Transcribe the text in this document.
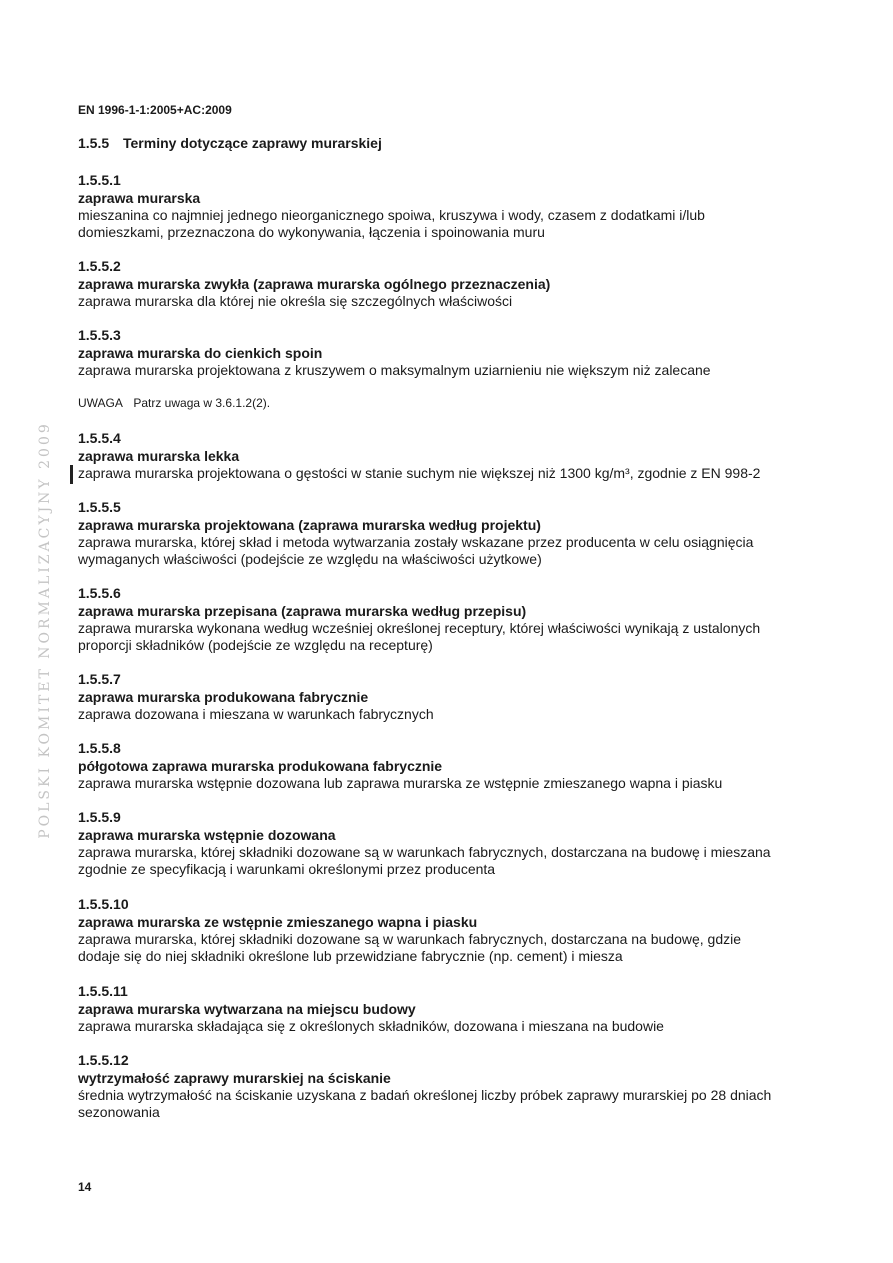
EN 1996-1-1:2005+AC:2009
1.5.5 Terminy dotyczące zaprawy murarskiej
POLSKI KOMITET NORMALIZACYJNY 2009
1.5.5.1
zaprawa murarska
mieszanina co najmniej jednego nieorganicznego spoiwa, kruszywa i wody, czasem z dodatkami i/lub domieszkami, przeznaczona do wykonywania, łączenia i spoinowania muru
1.5.5.2
zaprawa murarska zwykła (zaprawa murarska ogólnego przeznaczenia)
zaprawa murarska dla której nie określa się szczególnych właściwości
1.5.5.3
zaprawa murarska do cienkich spoin
zaprawa murarska projektowana z kruszywem o maksymalnym uziarnieniu nie większym niż zalecane
UWAGA Patrz uwaga w 3.6.1.2(2).
1.5.5.4
zaprawa murarska lekka
zaprawa murarska projektowana o gęstości w stanie suchym nie większej niż 1300 kg/m³, zgodnie z EN 998-2
1.5.5.5
zaprawa murarska projektowana (zaprawa murarska według projektu)
zaprawa murarska, której skład i metoda wytwarzania zostały wskazane przez producenta w celu osiągnięcia wymaganych właściwości (podejście ze względu na właściwości użytkowe)
1.5.5.6
zaprawa murarska przepisana (zaprawa murarska według przepisu)
zaprawa murarska wykonana według wcześniej określonej receptury, której właściwości wynikają z ustalonych proporcji składników (podejście ze względu na recepturę)
1.5.5.7
zaprawa murarska produkowana fabrycznie
zaprawa dozowana i mieszana w warunkach fabrycznych
1.5.5.8
półgotowa zaprawa murarska produkowana fabrycznie
zaprawa murarska wstępnie dozowana lub zaprawa murarska ze wstępnie zmieszanego wapna i piasku
1.5.5.9
zaprawa murarska wstępnie dozowana
zaprawa murarska, której składniki dozowane są w warunkach fabrycznych, dostarczana na budowę i mieszana zgodnie ze specyfikacją i warunkami określonymi przez producenta
1.5.5.10
zaprawa murarska ze wstępnie zmieszanego wapna i piasku
zaprawa murarska, której składniki dozowane są w warunkach fabrycznych, dostarczana na budowę, gdzie dodaje się do niej składniki określone lub przewidziane fabrycznie (np. cement) i miesza
1.5.5.11
zaprawa murarska wytwarzana na miejscu budowy
zaprawa murarska składająca się z określonych składników, dozowana i mieszana na budowie
1.5.5.12
wytrzymałość zaprawy murarskiej na ściskanie
średnia wytrzymałość na ściskanie uzyskana z badań określonej liczby próbek zaprawy murarskiej po 28 dniach sezonowania
14
